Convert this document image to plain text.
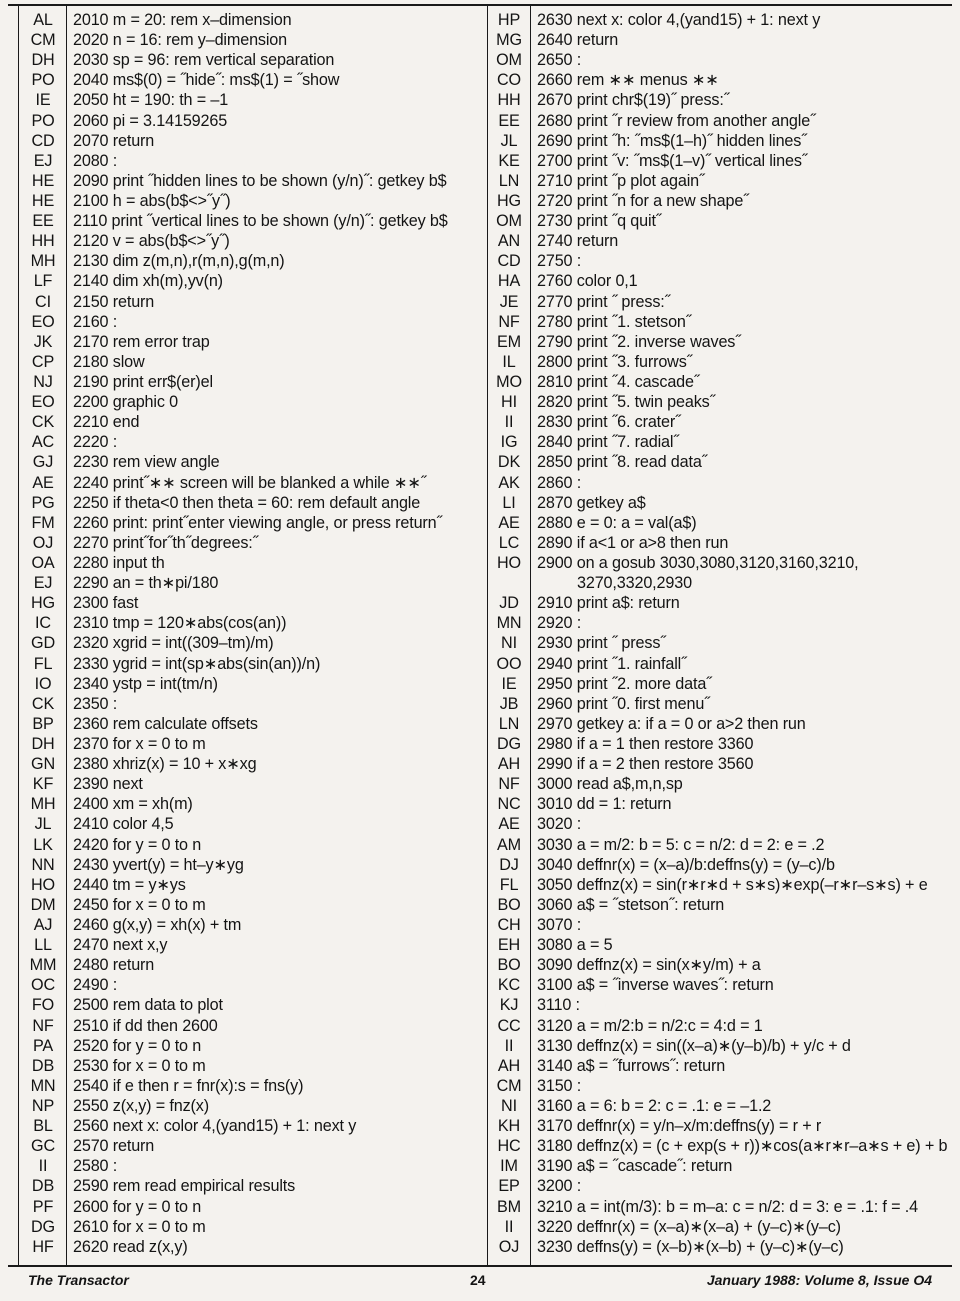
AL	2010 m = 20: rem x–dimension
CM	2020 n = 16: rem y–dimension
DH	2030 sp = 96: rem vertical separation
PO	2040 ms$(0) = ˝hide˝: ms$(1) = ˝show
IE	2050 ht = 190: th = –1
PO	2060 pi = 3.14159265
CD	2070 return
EJ	2080 :
HE	2090 print ˝hidden lines to be shown (y/n)˝: getkey b$
HE	2100 h = abs(b$<>˝y˝)
EE	2110 print ˝vertical lines to be shown (y/n)˝: getkey b$
HH	2120 v = abs(b$<>˝y˝)
MH	2130 dim z(m,n),r(m,n),g(m,n)
LF	2140 dim xh(m),yv(n)
CI	2150 return
EO	2160 :
JK	2170 rem error trap
CP	2180 slow
NJ	2190 print err$(er)el
EO	2200 graphic 0
CK	2210 end
AC	2220 :
GJ	2230 rem view angle
AE	2240 print˝∗∗ screen will be blanked a while ∗∗˝
PG	2250 if theta<0 then theta = 60: rem default angle
FM	2260 print: print˝enter viewing angle, or press return˝
OJ	2270 print˝for˝th˝degrees:˝
OA	2280 input th
EJ	2290 an = th∗pi/180
HG	2300 fast
IC	2310 tmp = 120∗abs(cos(an))
GD	2320 xgrid = int((309–tm)/m)
FL	2330 ygrid = int(sp∗abs(sin(an))/n)
IO	2340 ystp = int(tm/n)
CK	2350 :
BP	2360 rem calculate offsets
DH	2370 for x = 0 to m
GN	2380 xhriz(x) = 10 + x∗xg
KF	2390 next
MH	2400 xm = xh(m)
JL	2410 color 4,5
LK	2420 for y = 0 to n
NN	2430 yvert(y) = ht–y∗yg
HO	2440 tm = y∗ys
DM	2450 for x = 0 to m
AJ	2460 g(x,y) = xh(x) + tm
LL	2470 next x,y
MM	2480 return
OC	2490 :
FO	2500 rem data to plot
NF	2510 if dd then 2600
PA	2520 for y = 0 to n
DB	2530 for x = 0 to m
MN	2540 if e then r = fnr(x):s = fns(y)
NP	2550 z(x,y) = fnz(x)
BL	2560 next x: color 4,(yand15) + 1: next y
GC	2570 return
II	2580 :
DB	2590 rem read empirical results
PF	2600 for y = 0 to n
DG	2610 for x = 0 to m
HF	2620 read z(x,y)
HP	2630 next x: color 4,(yand15) + 1: next y
MG 2640 return
OM 2650 :
CO 2660 rem ∗∗ menus ∗∗
HH	2670 print chr$(19)˝ press:˝
EE	2680 print ˝r review from another angle˝
JL	2690 print ˝h: ˝ms$(1–h)˝ hidden lines˝
KE	2700 print ˝v: ˝ms$(1–v)˝ vertical lines˝
LN	2710 print ˝p plot again˝
HG 2720 print ˝n for a new shape˝
OM 2730 print ˝q quit˝
AN	2740 return
CD	2750 :
HA	2760 color 0,1
JE	2770 print ˝ press:˝
NF	2780 print ˝1. stetson˝
EM 2790 print ˝2. inverse waves˝
IL	2800 print ˝3. furrows˝
MO 2810 print ˝4. cascade˝
HI	2820 print ˝5. twin peaks˝
II	2830 print ˝6. crater˝
IG	2840 print ˝7. radial˝
DK	2850 print ˝8. read data˝
AK	2860 :
LI	2870 getkey a$
AE	2880 e = 0: a = val(a$)
LC	2890 if a<1 or a>8 then run
HO 2900 on a gosub 3030,3080,3120,3160,3210,
3270,3320,2930
JD	2910 print a$: return
MN 2920 :
NI	2930 print ˝ press˝
OO 2940 print ˝1. rainfall˝
IE	2950 print ˝2. more data˝
JB	2960 print ˝0. first menu˝
LN	2970 getkey a: if a = 0 or a>2 then run
DG 2980 if a = 1 then restore 3360
AH	2990 if a = 2 then restore 3560
NF	3000 read a$,m,n,sp
NC	3010 dd = 1: return
AE	3020 :
AM 3030 a = m/2: b = 5: c = n/2: d = 2: e = .2
DJ	3040 deffnr(x) = (x–a)/b:deffns(y) = (y–c)/b
FL	3050 deffnz(x) = sin(r∗r∗d + s∗s)∗exp(–r∗r–s∗s) + e
BO	3060 a$ = ˝stetson˝: return
CH	3070 :
EH	3080 a = 5
BO	3090 deffnz(x) = sin(x∗y/m) + a
KC	3100 a$ = ˝inverse waves˝: return
KJ	3110 :
CC	3120 a = m/2:b = n/2:c = 4:d = 1
II	3130 deffnz(x) = sin((x–a)∗(y–b)/b) + y/c + d
AH	3140 a$ = ˝furrows˝: return
CM 3150 :
NI	3160 a = 6: b = 2: c = .1: e = –1.2
KH	3170 deffnr(x) = y/n–x/m:deffns(y) = r + r
HC	3180 deffnz(x) = (c + exp(s + r))∗cos(a∗r∗r–a∗s + e) + b
IM	3190 a$ = ˝cascade˝: return
EP	3200 :
BM 3210 a = int(m/3): b = m–a: c = n/2: d = 3: e = .1: f = .4
II	3220 deffnr(x) = (x–a)∗(x–a) + (y–c)∗(y–c)
OJ	3230 deffns(y) = (x–b)∗(x–b) + (y–c)∗(y–c)
The Transactor	24	January 1988: Volume 8, Issue O4
